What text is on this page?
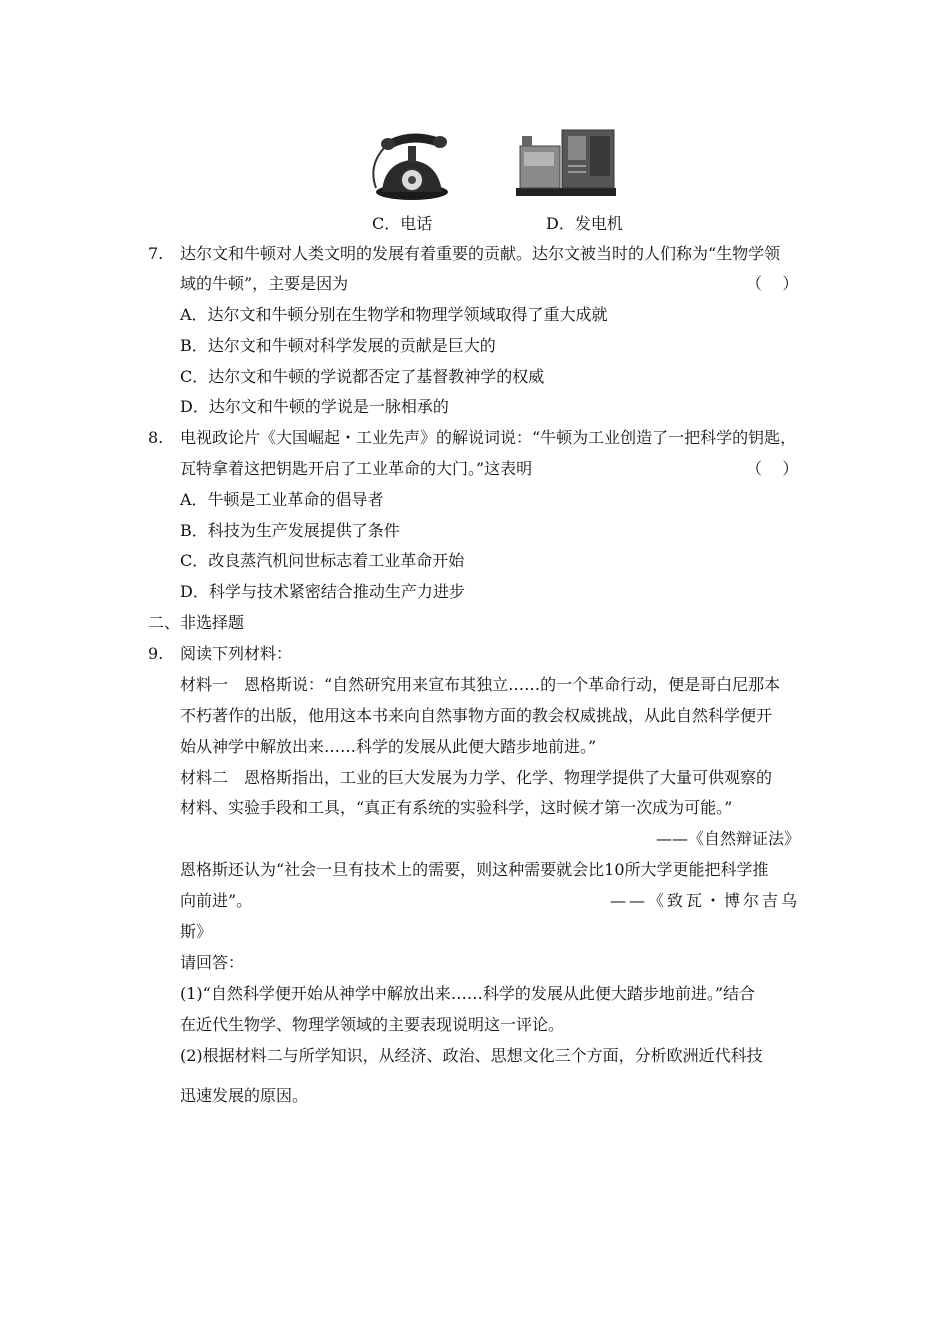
C．电话	D．发电机
7. 达尔文和牛顿对人类文明的发展有着重要的贡献。达尔文被当时的人们称为“生物学领
域的牛顿”，主要是因为	（    ）
A．达尔文和牛顿分别在生物学和物理学领域取得了重大成就
B．达尔文和牛顿对科学发展的贡献是巨大的
C．达尔文和牛顿的学说都否定了基督教神学的权威
D．达尔文和牛顿的学说是一脉相承的
8. 电视政论片《大国崛起・工业先声》的解说词说：“牛顿为工业创造了一把科学的钥匙，
瓦特拿着这把钥匙开启了工业革命的大门。”这表明	（    ）
A．牛顿是工业革命的倡导者
B．科技为生产发展提供了条件
C．改良蒸汽机问世标志着工业革命开始
D．科学与技术紧密结合推动生产力进步
二、非选择题
9. 阅读下列材料：
材料一　恩格斯说：“自然研究用来宣布其独立……的一个革命行动，便是哥白尼那本
不朽著作的出版，他用这本书来向自然事物方面的教会权威挑战，从此自然科学便开
始从神学中解放出来……科学的发展从此便大踏步地前进。”
材料二　恩格斯指出，工业的巨大发展为力学、化学、物理学提供了大量可供观察的
材料、实验手段和工具，“真正有系统的实验科学，这时候才第一次成为可能。”
——《自然辩证法》
恩格斯还认为“社会一旦有技术上的需要，则这种需要就会比10所大学更能把科学推
向前进”。	——《致瓦・博尔吉乌
斯》
请回答：
(1)“自然科学便开始从神学中解放出来……科学的发展从此便大踏步地前进。”结合
在近代生物学、物理学领域的主要表现说明这一评论。
(2)根据材料二与所学知识，从经济、政治、思想文化三个方面，分析欧洲近代科技
迅速发展的原因。
